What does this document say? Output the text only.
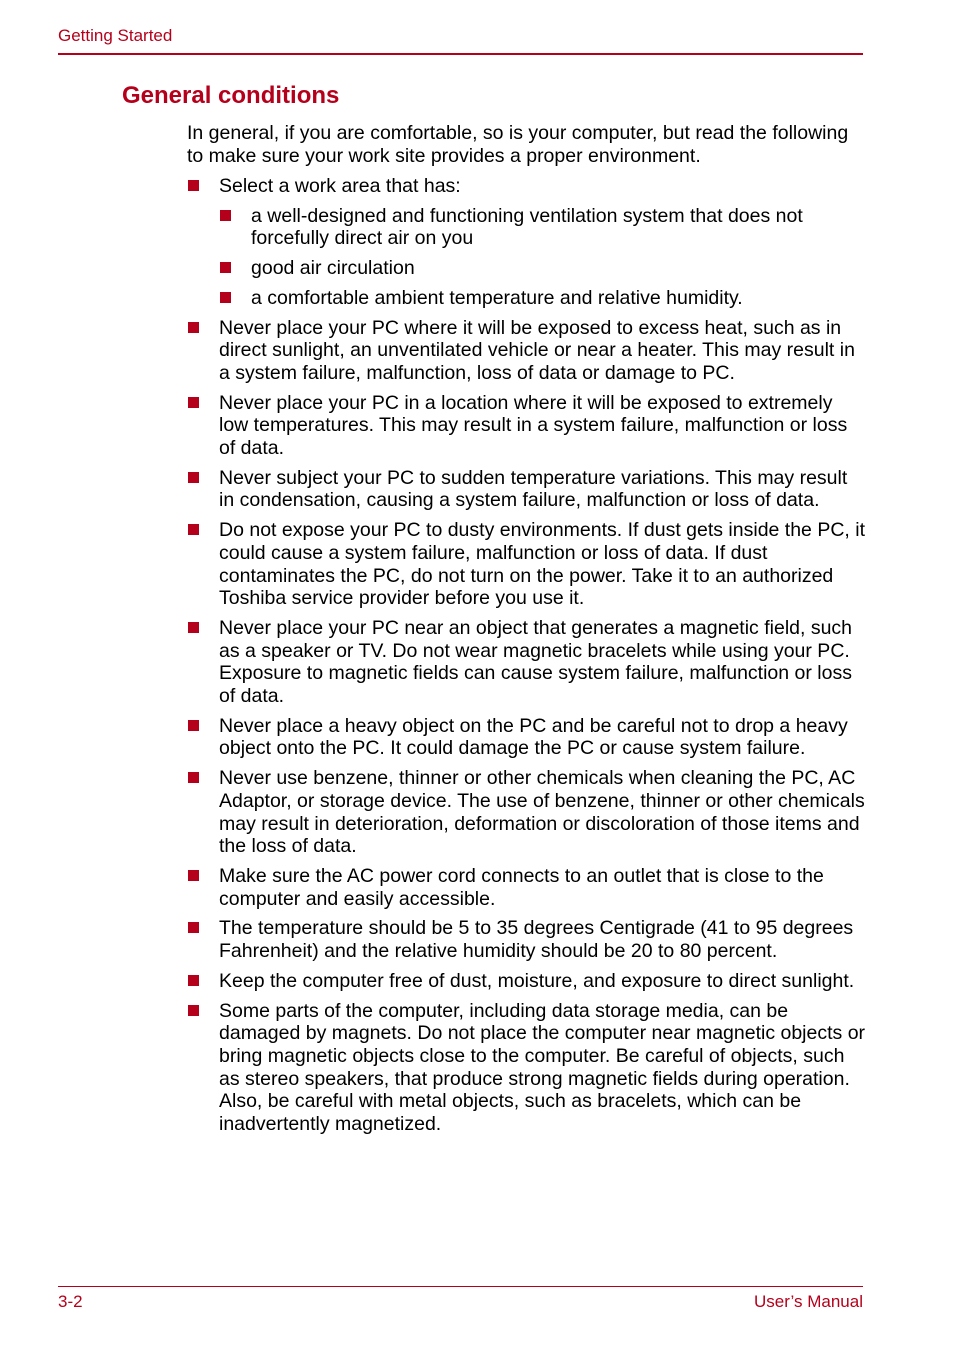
Getting Started
General conditions

In general, if you are comfortable, so is your computer, but read the following to make sure your work site provides a proper environment.

Select a work area that has:
a well-designed and functioning ventilation system that does not forcefully direct air on you
good air circulation
a comfortable ambient temperature and relative humidity.
Never place your PC where it will be exposed to excess heat, such as in direct sunlight, an unventilated vehicle or near a heater. This may result in a system failure, malfunction, loss of data or damage to PC.
Never place your PC in a location where it will be exposed to extremely low temperatures. This may result in a system failure, malfunction or loss of data.
Never subject your PC to sudden temperature variations. This may result in condensation, causing a system failure, malfunction or loss of data.
Do not expose your PC to dusty environments. If dust gets inside the PC, it could cause a system failure, malfunction or loss of data. If dust contaminates the PC, do not turn on the power. Take it to an authorized Toshiba service provider before you use it.
Never place your PC near an object that generates a magnetic field, such as a speaker or TV. Do not wear magnetic bracelets while using your PC. Exposure to magnetic fields can cause system failure, malfunction or loss of data.
Never place a heavy object on the PC and be careful not to drop a heavy object onto the PC. It could damage the PC or cause system failure.
Never use benzene, thinner or other chemicals when cleaning the PC, AC Adaptor, or storage device. The use of benzene, thinner or other chemicals may result in deterioration, deformation or discoloration of those items and the loss of data.
Make sure the AC power cord connects to an outlet that is close to the computer and easily accessible.
The temperature should be 5 to 35 degrees Centigrade (41 to 95 degrees Fahrenheit) and the relative humidity should be 20 to 80 percent.
Keep the computer free of dust, moisture, and exposure to direct sunlight.
Some parts of the computer, including data storage media, can be damaged by magnets. Do not place the computer near magnetic objects or bring magnetic objects close to the computer. Be careful of objects, such as stereo speakers, that produce strong magnetic fields during operation. Also, be careful with metal objects, such as bracelets, which can be inadvertently magnetized.
3-2	User’s Manual
